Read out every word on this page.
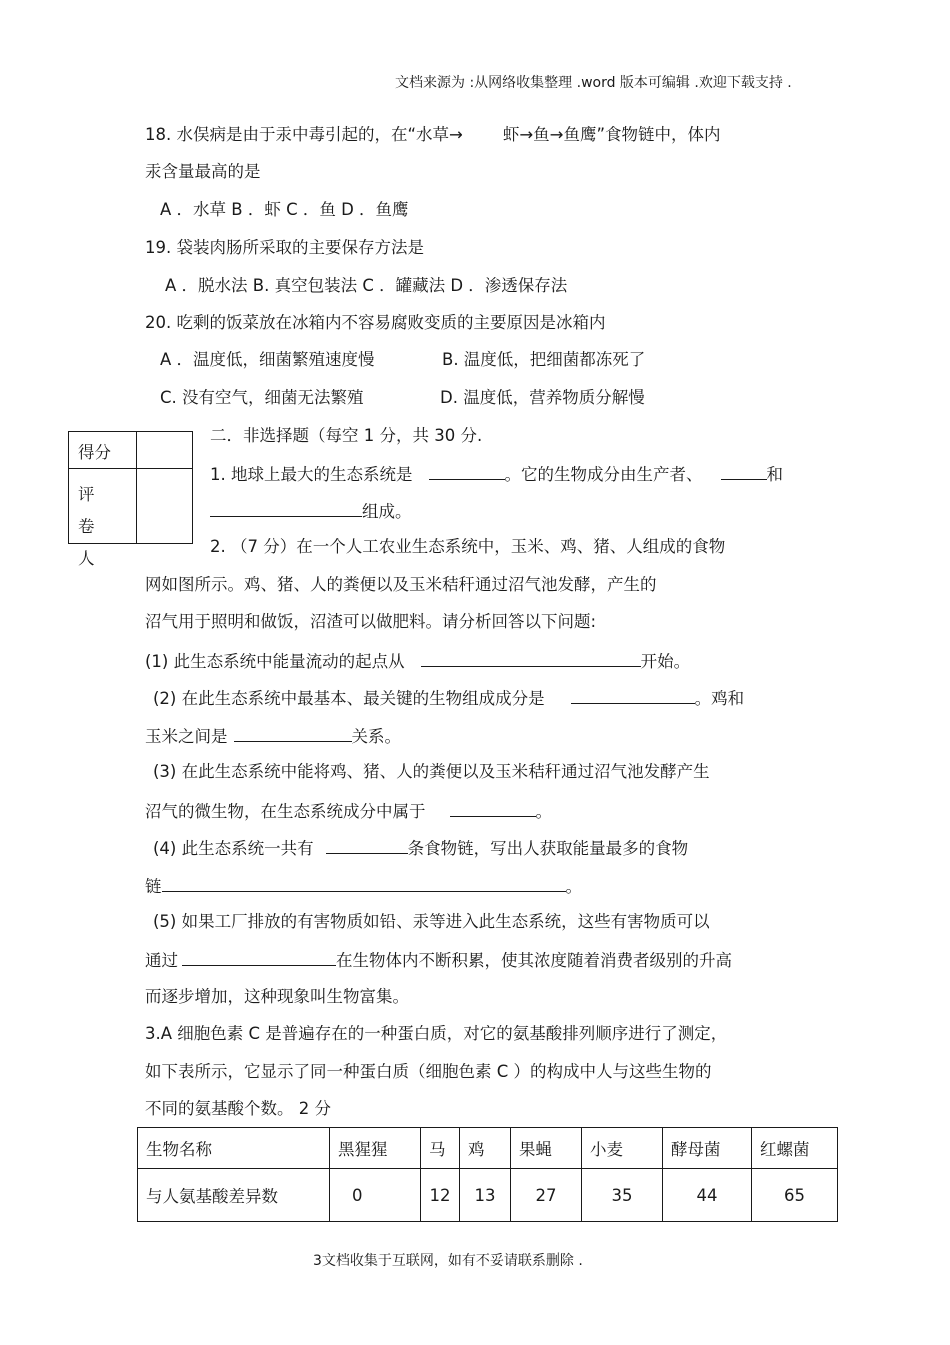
文档来源为 :从网络收集整理 .word 版本可编辑 .欢迎下载支持 .
18. 水俣病是由于汞中毒引起的，在“水草→ 虾→鱼→鱼鹰”食物链中，体内
汞含量最高的是
A ．水草 B ．虾 C ．鱼 D ．鱼鹰
19. 袋装肉肠所采取的主要保存方法是
A ．脱水法 B. 真空包装法 C ．罐藏法 D ．渗透保存法
20. 吃剩的饭菜放在冰箱内不容易腐败变质的主要原因是冰箱内
A ．温度低，细菌繁殖速度慢	B. 温度低，把细菌都冻死了
C. 没有空气，细菌无法繁殖	D. 温度低，营养物质分解慢
得分
评卷人
二．非选择题（每空 1 分，共 30 分.
1. 地球上最大的生态系统是	。它的生物成分由生产者、	和
组成。
2. （7 分）在一个人工农业生态系统中，玉米、鸡、猪、人组成的食物
网如图所示。鸡、猪、人的粪便以及玉米秸秆通过沼气池发酵，产生的
沼气用于照明和做饭，沼渣可以做肥料。请分析回答以下问题:
(1) 此生态系统中能量流动的起点从	开始。
(2) 在此生态系统中最基本、最关键的生物组成成分是	。鸡和
玉米之间是	关系。
(3) 在此生态系统中能将鸡、猪、人的粪便以及玉米秸秆通过沼气池发酵产生
沼气的微生物，在生态系统成分中属于	。
(4) 此生态系统一共有	条食物链，写出人获取能量最多的食物
链	。
(5) 如果工厂排放的有害物质如铅、汞等进入此生态系统，这些有害物质可以
通过	在生物体内不断积累，使其浓度随着消费者级别的升高
而逐步增加，这种现象叫生物富集。
3.A 细胞色素 C 是普遍存在的一种蛋白质，对它的氨基酸排列顺序进行了测定，
如下表所示，它显示了同一种蛋白质（细胞色素 C ）的构成中人与这些生物的
不同的氨基酸个数。 2 分
生物名称	黑猩猩	马	鸡	果蝇	小麦	酵母菌	红螺菌
与人氨基酸差异数	0	12	13	27	35	44	65
3文档收集于互联网，如有不妥请联系删除 .
